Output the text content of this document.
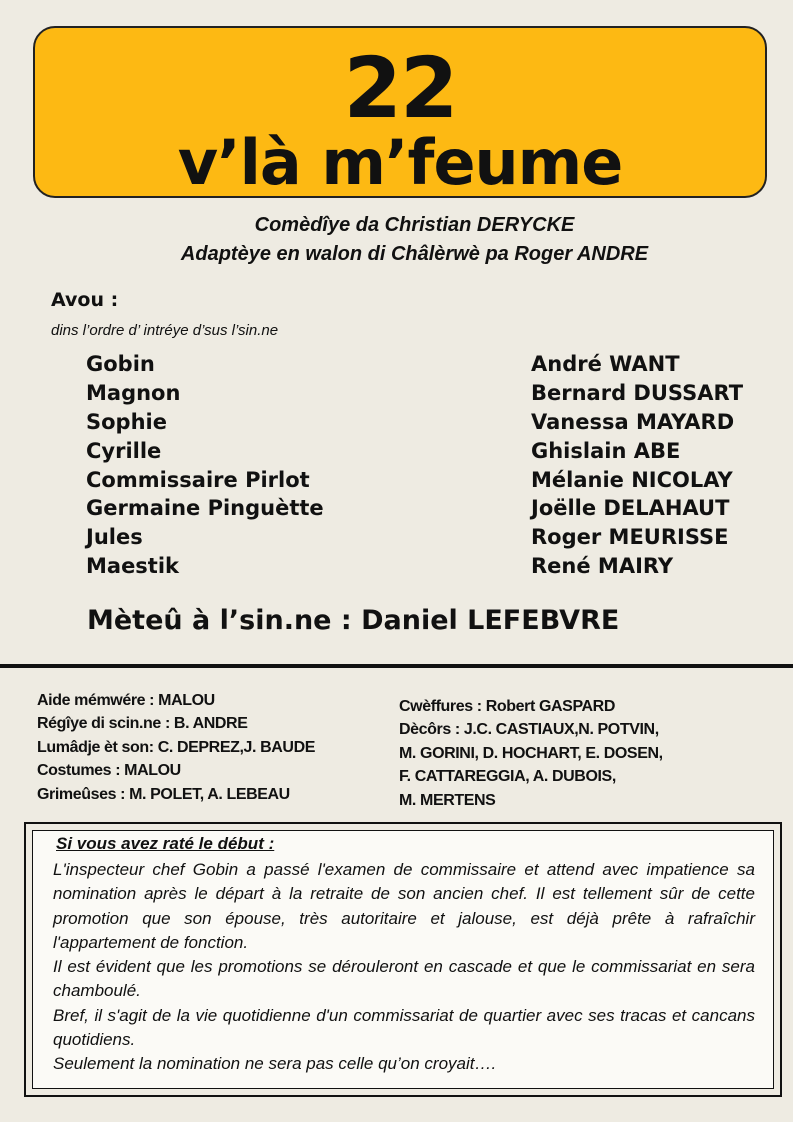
22
v’là m’feume
Comèdîye da Christian DERYCKE
Adaptèye en walon di Châlèrwè pa Roger ANDRE
Avou :
dins l’ordre d’ intréye d’sus l’sin.ne
Gobin	André WANT
Magnon	Bernard DUSSART
Sophie	Vanessa MAYARD
Cyrille	Ghislain ABE
Commissaire Pirlot	Mélanie NICOLAY
Germaine Pinguètte	Joëlle DELAHAUT
Jules	Roger MEURISSE
Maestik	René MAIRY
Mèteû à l’sin.ne : Daniel LEFEBVRE
Aide mémwére : MALOU
Régîye di scin.ne : B. ANDRE
Lumâdje èt son: C. DEPREZ,J. BAUDE
Costumes : MALOU
Grimeûses : M. POLET, A. LEBEAU
Cwèffures : Robert GASPARD
Dècôrs : J.C. CASTIAUX,N. POTVIN,
M. GORINI, D. HOCHART, E. DOSEN,
F. CATTAREGGIA, A. DUBOIS,
M. MERTENS
Si vous avez raté le début :

L'inspecteur chef Gobin a passé l'examen de commissaire et attend avec impatience sa nomination après le départ à la retraite de son ancien chef. Il est tellement sûr de cette promotion que son épouse, très autoritaire et jalouse, est déjà prête à rafraîchir l'appartement de fonction.

Il est évident que les promotions se dérouleront en cascade et que le commissariat en sera chamboulé.

Bref, il s'agit de la vie quotidienne d'un commissariat de quartier avec ses tracas et cancans quotidiens.

Seulement la nomination ne sera pas celle qu’on croyait….
